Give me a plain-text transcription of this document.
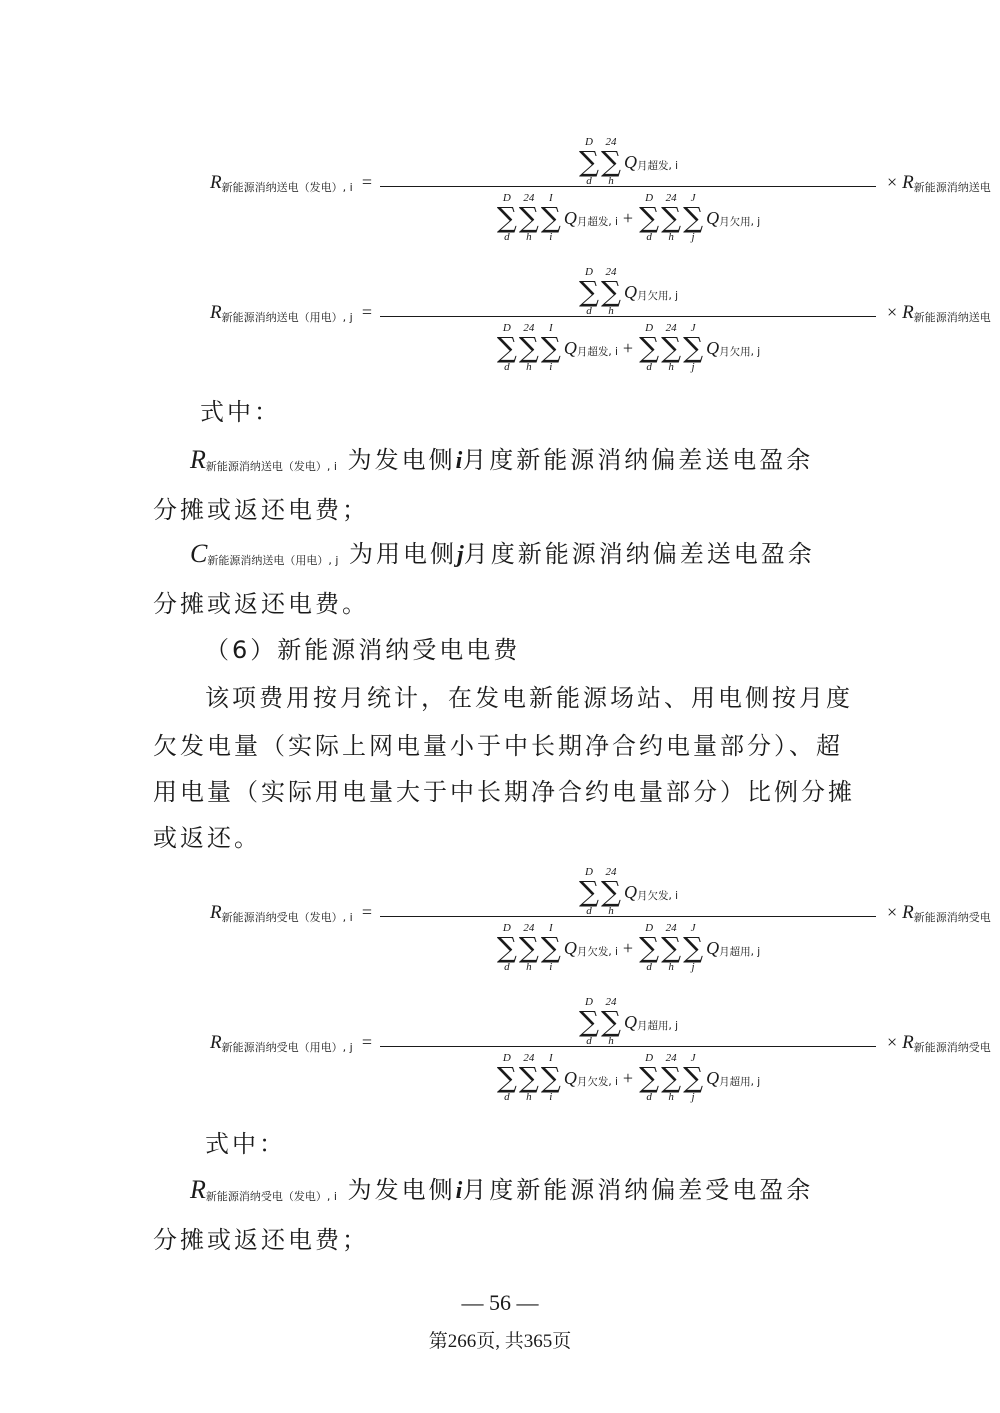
R新能源消纳送电（发电）, i =
D
∑
d
24
∑
h
Q 月超发, i
D
∑
d
24
∑
h
I
∑
i
Q 月超发, i +
D
∑
d
24
∑
h
J
∑
j
Q 月欠用, j
× R新能源消纳送电
R新能源消纳送电（用电）, j =
D
∑
d
24
∑
h
Q 月欠用, j
D
∑
d
24
∑
h
I
∑
i
Q 月超发, i +
D
∑
d
24
∑
h
J
∑
j
Q 月欠用, j
× R新能源消纳送电
式中：
R新能源消纳送电（发电）, i 为发电侧i月度新能源消纳偏差送电盈余
分摊或返还电费；
C新能源消纳送电（用电）, j 为用电侧j月度新能源消纳偏差送电盈余
分摊或返还电费。
（6）新能源消纳受电电费
该项费用按月统计，在发电新能源场站、用电侧按月度
欠发电量（实际上网电量小于中长期净合约电量部分）、超
用电量（实际用电量大于中长期净合约电量部分）比例分摊
或返还。
R新能源消纳受电（发电）, i =
D
∑
d
24
∑
h
Q 月欠发, i
D
∑
d
24
∑
h
I
∑
i
Q 月欠发, i +
D
∑
d
24
∑
h
J
∑
j
Q 月超用, j
× R新能源消纳受电
R新能源消纳受电（用电）, j =
D
∑
d
24
∑
h
Q 月超用, j
D
∑
d
24
∑
h
I
∑
i
Q 月欠发, i +
D
∑
d
24
∑
h
J
∑
j
Q 月超用, j
× R新能源消纳受电
式中：
R新能源消纳受电（发电）, i 为发电侧i月度新能源消纳偏差受电盈余
分摊或返还电费；
— 56 —
第266页, 共365页
